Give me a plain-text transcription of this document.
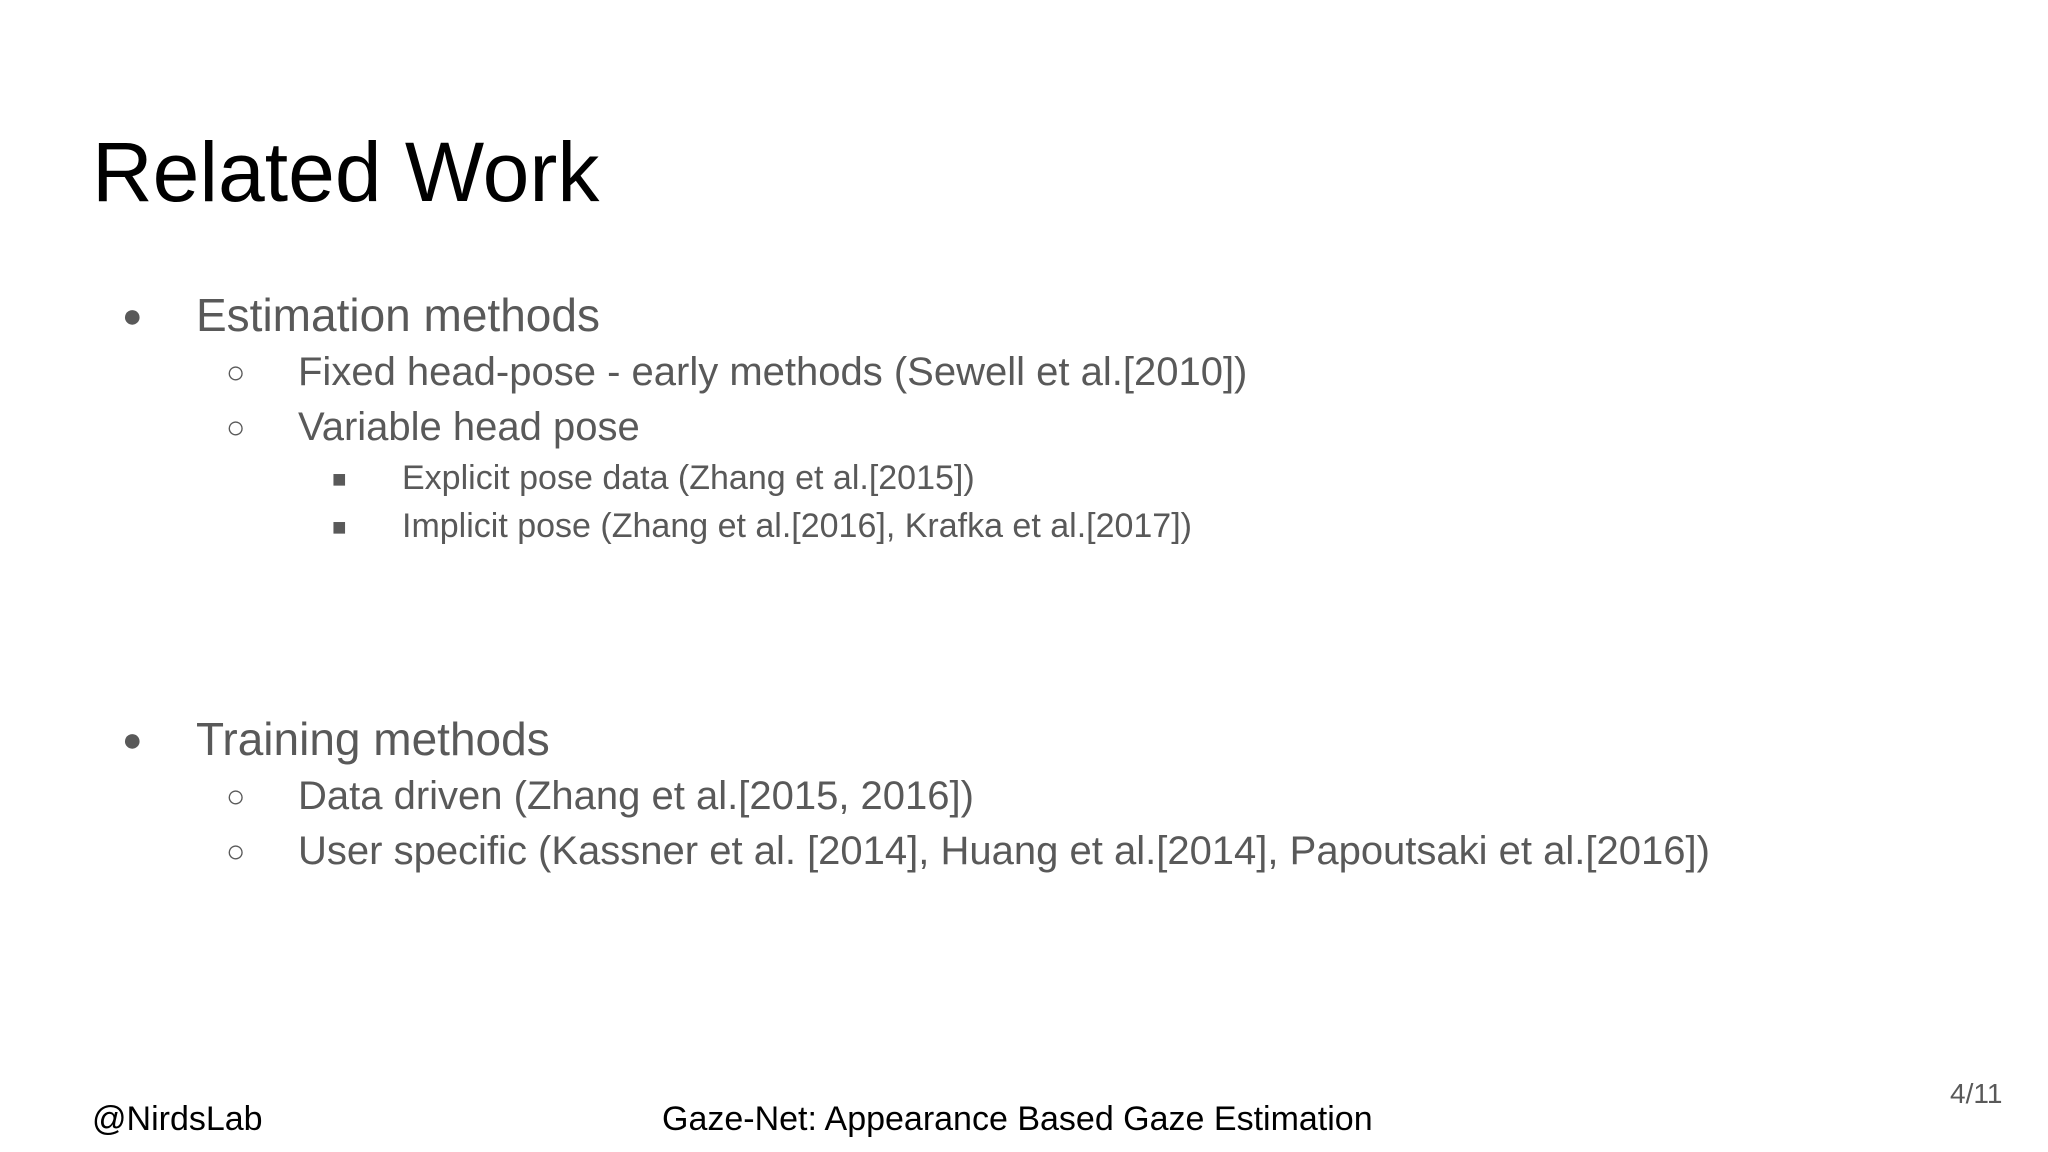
Related Work
● Estimation methods
○ Fixed head-pose - early methods (Sewell et al.[2010])
○ Variable head pose
■ Explicit pose data (Zhang et al.[2015])
■ Implicit pose (Zhang et al.[2016], Krafka et al.[2017])
● Training methods
○ Data driven (Zhang et al.[2015, 2016])
○ User specific (Kassner et al. [2014], Huang et al.[2014], Papoutsaki et al.[2016])
@NirdsLab	Gaze-Net: Appearance Based Gaze Estimation
4/11
